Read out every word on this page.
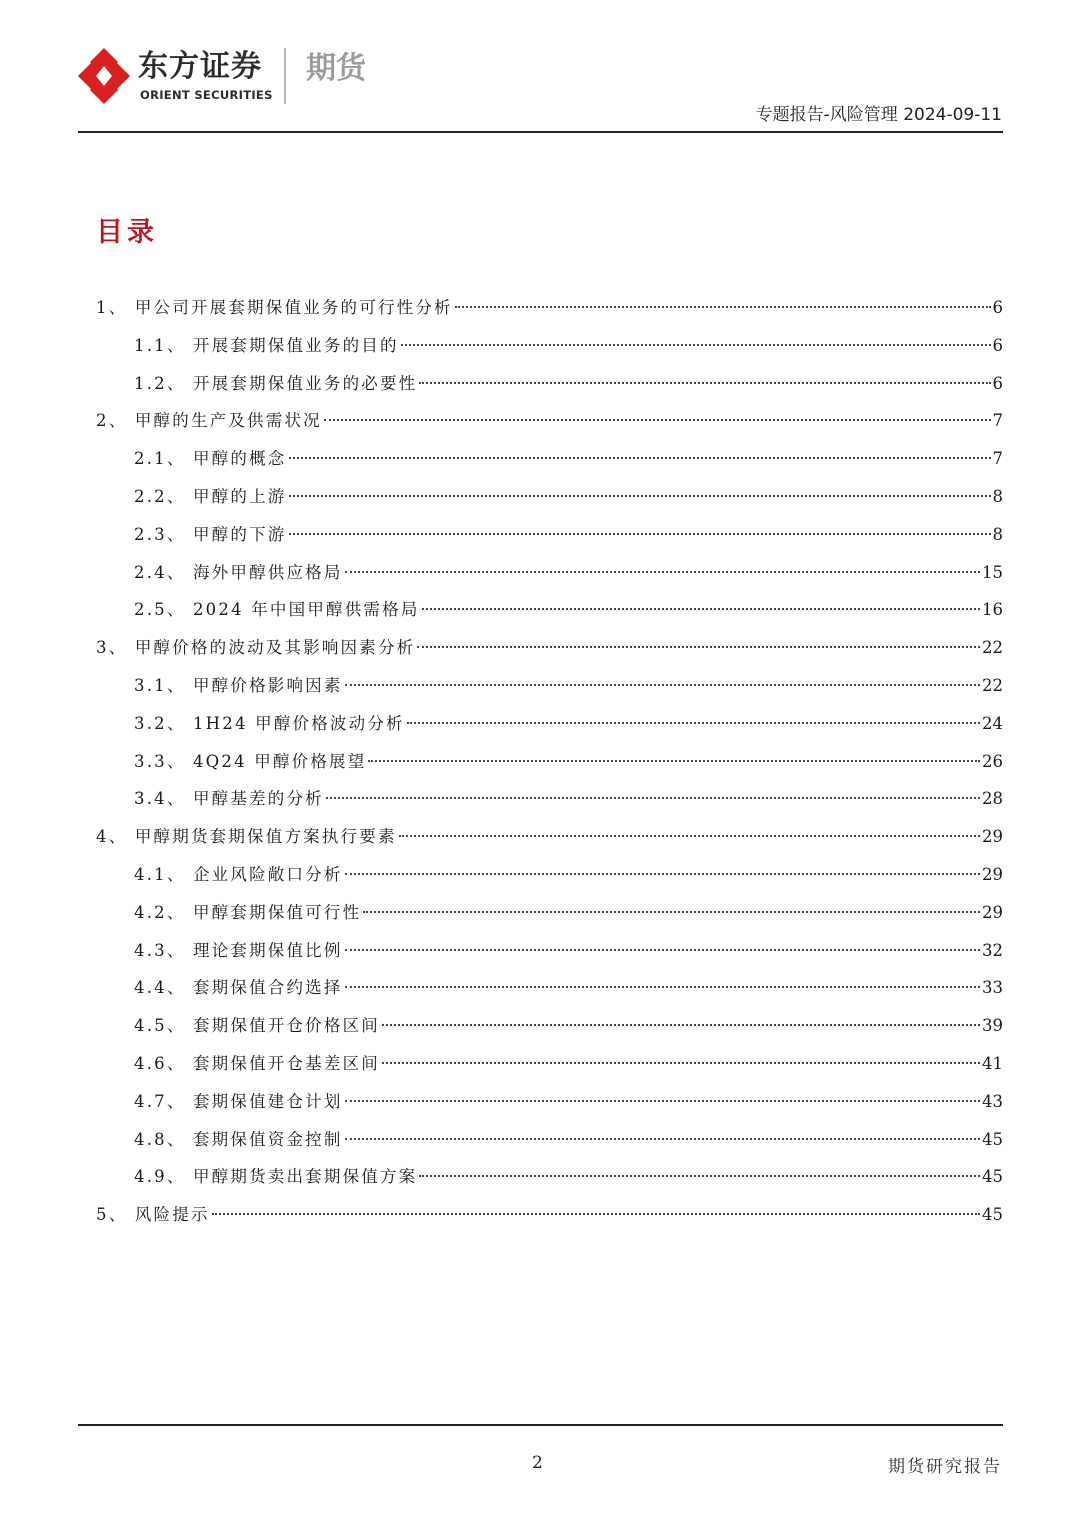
东方证券
ORIENT SECURITIES
期货
专题报告-风险管理 2024-09-11
目录
1、 甲公司开展套期保值业务的可行性分析	6
1.1、 开展套期保值业务的目的	6
1.2、 开展套期保值业务的必要性	6
2、 甲醇的生产及供需状况	7
2.1、 甲醇的概念	7
2.2、 甲醇的上游	8
2.3、 甲醇的下游	8
2.4、 海外甲醇供应格局	15
2.5、 2024 年中国甲醇供需格局	16
3、 甲醇价格的波动及其影响因素分析	22
3.1、 甲醇价格影响因素	22
3.2、 1H24 甲醇价格波动分析	24
3.3、 4Q24 甲醇价格展望	26
3.4、 甲醇基差的分析	28
4、 甲醇期货套期保值方案执行要素	29
4.1、 企业风险敞口分析	29
4.2、 甲醇套期保值可行性	29
4.3、 理论套期保值比例	32
4.4、 套期保值合约选择	33
4.5、 套期保值开仓价格区间	39
4.6、 套期保值开仓基差区间	41
4.7、 套期保值建仓计划	43
4.8、 套期保值资金控制	45
4.9、 甲醇期货卖出套期保值方案	45
5、 风险提示	45
2	期货研究报告
